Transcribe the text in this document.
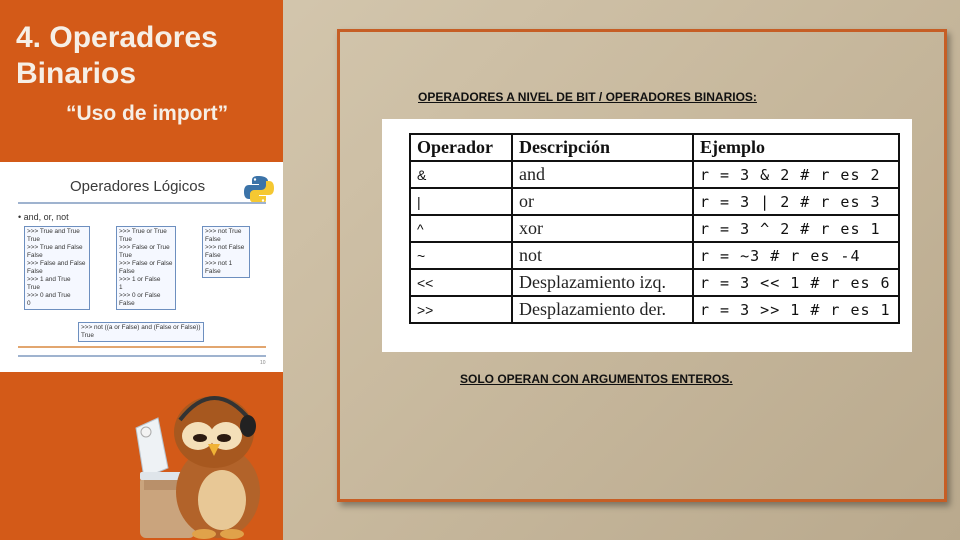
4. Operadores
Binarios
“Uso de import”
Operadores Lógicos
• and, or, not
>>> True and True
True
>>> True and False
False
>>> False and False
False
>>> 1 and True
True
>>> 0 and True
0
>>> True or True
True
>>> False or True
True
>>> False or False
False
>>> 1 or False
1
>>> 0 or False
False
>>> not True
False
>>> not False
False
>>> not 1
False
>>> not ((a or False) and (False or False))
True
10
OPERADORES A NIVEL DE BIT / OPERADORES BINARIOS:
Operador	Descripción	Ejemplo
&	and	r = 3 & 2 # r es 2
|	or	r = 3 | 2 # r es 3
^	xor	r = 3 ^ 2 # r es 1
~	not	r = ~3 # r es -4
<<	Desplazamiento izq.	r = 3 << 1 # r es 6
>>	Desplazamiento der.	r = 3 >> 1 # r es 1
SOLO OPERAN CON ARGUMENTOS ENTEROS.
